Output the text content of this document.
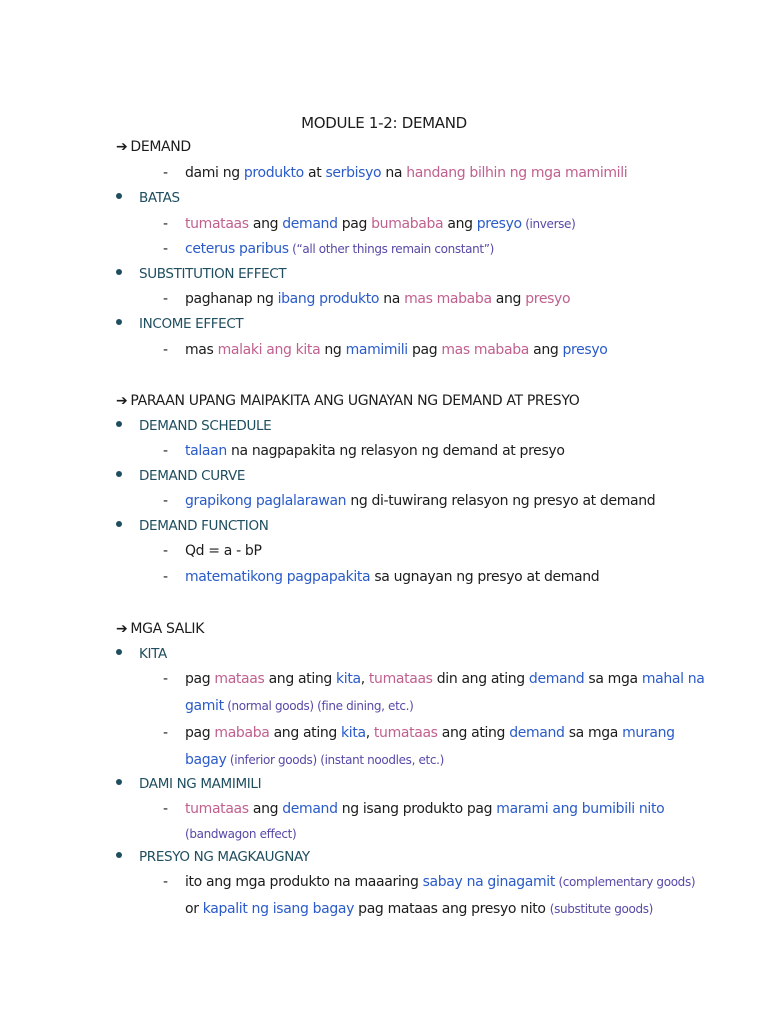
MODULE 1-2: DEMAND
➔ DEMAND
- dami ng produkto at serbisyo na handang bilhin ng mga mamimili
BATAS
- tumataas ang demand pag bumababa ang presyo (inverse)
- ceterus paribus (“all other things remain constant”)
SUBSTITUTION EFFECT
- paghanap ng ibang produkto na mas mababa ang presyo
INCOME EFFECT
- mas malaki ang kita ng mamimili pag mas mababa ang presyo
➔ PARAAN UPANG MAIPAKITA ANG UGNAYAN NG DEMAND AT PRESYO
DEMAND SCHEDULE
- talaan na nagpapakita ng relasyon ng demand at presyo
DEMAND CURVE
- grapikong paglalarawan ng di-tuwirang relasyon ng presyo at demand
DEMAND FUNCTION
- Qd = a - bP
- matematikong pagpapakita sa ugnayan ng presyo at demand
➔ MGA SALIK
KITA
- pag mataas ang ating kita, tumataas din ang ating demand sa mga mahal na
gamit (normal goods) (fine dining, etc.)
- pag mababa ang ating kita, tumataas ang ating demand sa mga murang
bagay (inferior goods) (instant noodles, etc.)
DAMI NG MAMIMILI
- tumataas ang demand ng isang produkto pag marami ang bumibili nito
(bandwagon effect)
PRESYO NG MAGKAUGNAY
- ito ang mga produkto na maaaring sabay na ginagamit (complementary goods)
or kapalit ng isang bagay pag mataas ang presyo nito (substitute goods)
